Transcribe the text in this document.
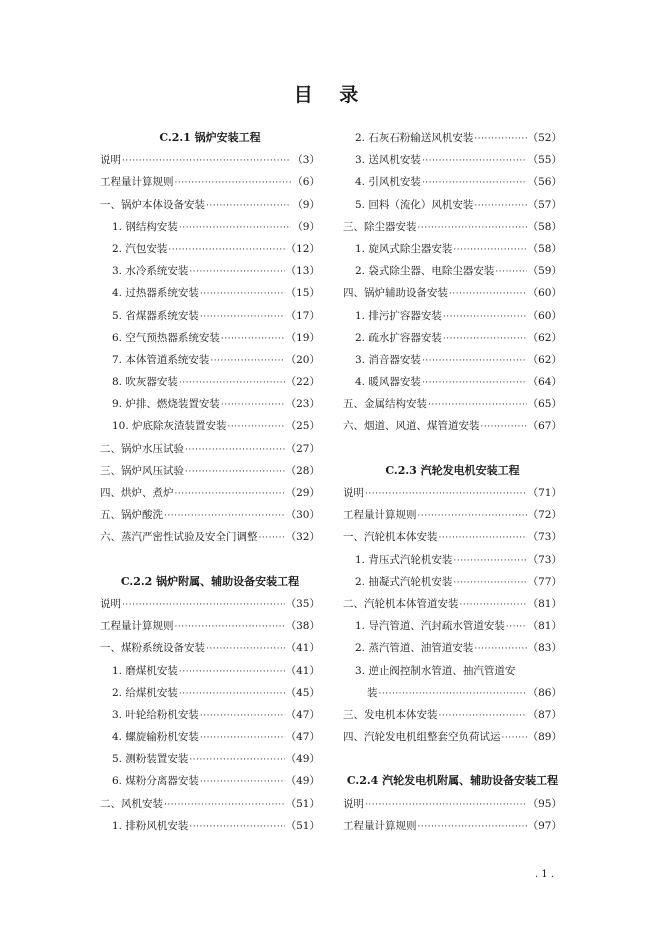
目 录
C.2.1 锅炉安装工程
说明 ·····	（3）
工程量计算规则 ·····	（6）
一、锅炉本体设备安装 ·····	（9）
1. 钢结构安装 ·····	（9）
2. 汽包安装 ·····	（12）
3. 水冷系统安装 ·····	（13）
4. 过热器系统安装 ·····	（15）
5. 省煤器系统安装 ·····	（17）
6. 空气预热器系统安装 ·····	（19）
7. 本体管道系统安装 ·····	（20）
8. 吹灰器安装 ·····	（22）
9. 炉排、燃烧装置安装 ·····	（23）
10. 炉底除灰渣装置安装 ·····	（25）
二、锅炉水压试验 ·····	（27）
三、锅炉风压试验 ·····	（28）
四、烘炉、煮炉 ·····	（29）
五、锅炉酸洗 ·····	（30）
六、蒸汽严密性试验及安全门调整 ·····	（32）
C.2.2 锅炉附属、辅助设备安装工程
说明 ·····	（35）
工程量计算规则 ·····	（38）
一、煤粉系统设备安装 ·····	（41）
1. 磨煤机安装 ·····	（41）
2. 给煤机安装 ·····	（45）
3. 叶轮给粉机安装 ·····	（47）
4. 螺旋输粉机安装 ·····	（47）
5. 测粉装置安装 ·····	（49）
6. 煤粉分离器安装 ·····	（49）
二、风机安装 ·····	（51）
1. 排粉风机安装 ·····	（51）
2. 石灰石粉输送风机安装 ·····	（52）
3. 送风机安装 ·····	（55）
4. 引风机安装 ·····	（56）
5. 回料（流化）风机安装 ·····	（57）
三、除尘器安装 ·····	（58）
1. 旋风式除尘器安装 ·····	（58）
2. 袋式除尘器、电除尘器安装 ·····	（59）
四、锅炉辅助设备安装 ·····	（60）
1. 排污扩容器安装 ·····	（60）
2. 疏水扩容器安装 ·····	（62）
3. 消音器安装 ·····	（62）
4. 暖风器安装 ·····	（64）
五、金属结构安装 ·····	（65）
六、烟道、风道、煤管道安装 ·····	（67）
C.2.3 汽轮发电机安装工程
说明 ·····	（71）
工程量计算规则 ·····	（72）
一、汽轮机本体安装 ·····	（73）
1. 背压式汽轮机安装 ·····	（73）
2. 抽凝式汽轮机安装 ·····	（77）
二、汽轮机本体管道安装 ·····	（81）
1. 导汽管道、汽封疏水管道安装 ····· （81）
2. 蒸汽管道、油管道安装 ·····	（83）
3. 逆止阀控制水管道、抽汽管道安
装 ·····	（86）
三、发电机本体安装 ·····	（87）
四、汽轮发电机组整套空负荷试运 ·····	（89）
C.2.4 汽轮发电机附属、辅助设备安装工程
说明 ·····	（95）
工程量计算规则 ·····	（97）
. 1 .
